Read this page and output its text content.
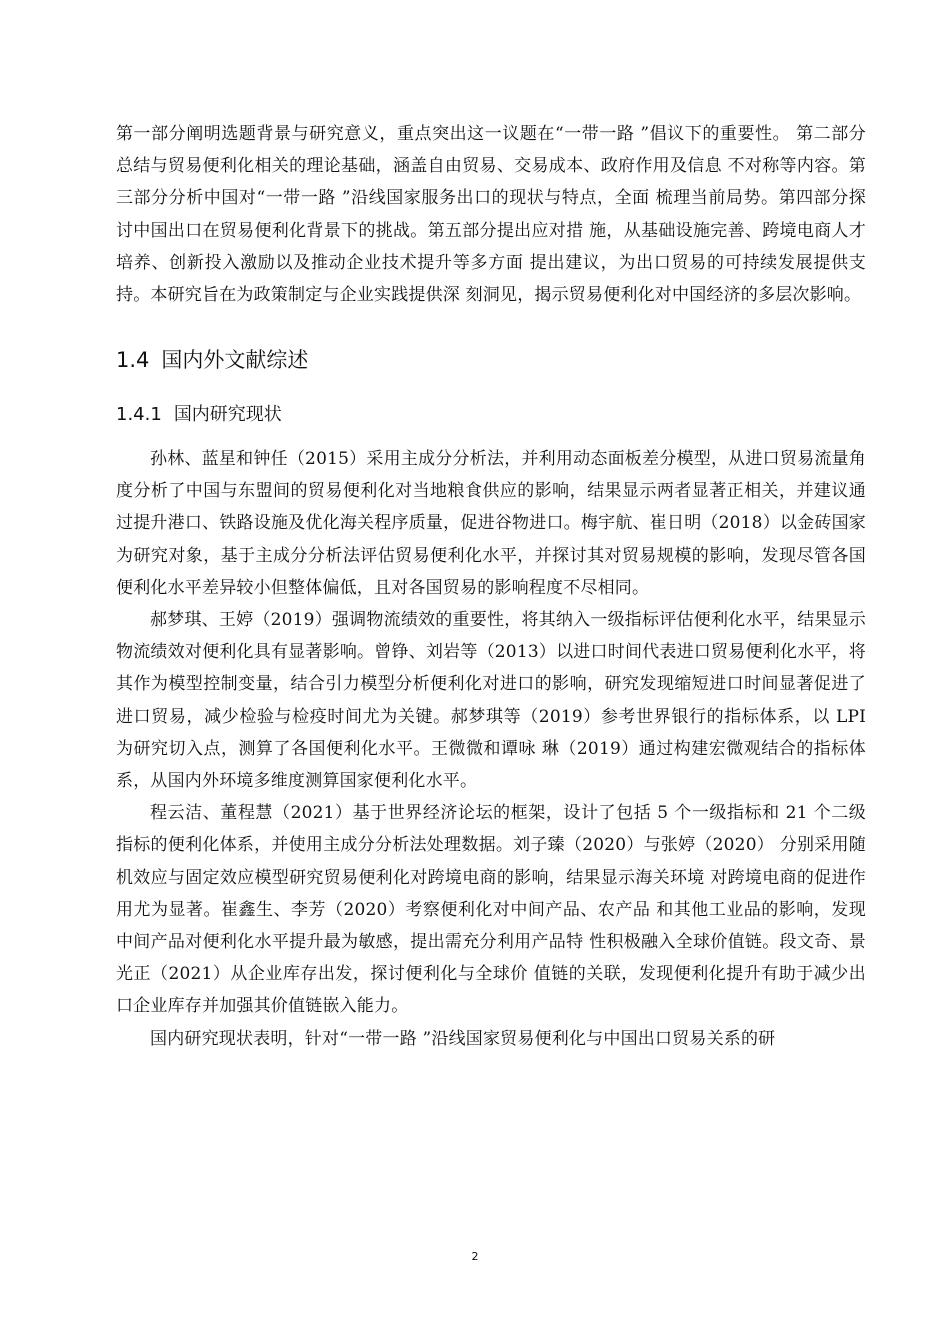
第一部分阐明选题背景与研究意义，重点突出这一议题在“一带一路 ”倡议下的重要性。 第二部分总结与贸易便利化相关的理论基础，涵盖自由贸易、交易成本、政府作用及信息 不对称等内容。第三部分分析中国对“一带一路 ”沿线国家服务出口的现状与特点，全面 梳理当前局势。第四部分探讨中国出口在贸易便利化背景下的挑战。第五部分提出应对措 施，从基础设施完善、跨境电商人才培养、创新投入激励以及推动企业技术提升等多方面 提出建议，为出口贸易的可持续发展提供支持。本研究旨在为政策制定与企业实践提供深 刻洞见，揭示贸易便利化对中国经济的多层次影响。

1.4 国内外文献综述
1.4.1 国内研究现状

孙林、蓝星和钟任（2015）采用主成分分析法，并利用动态面板差分模型，从进口贸易流量角度分析了中国与东盟间的贸易便利化对当地粮食供应的影响，结果显示两者显著正相关，并建议通过提升港口、铁路设施及优化海关程序质量，促进谷物进口。梅宇航、崔日明（2018）以金砖国家为研究对象，基于主成分分析法评估贸易便利化水平，并探讨其对贸易规模的影响，发现尽管各国便利化水平差异较小但整体偏低，且对各国贸易的影响程度不尽相同。

郝梦琪、王婷（2019）强调物流绩效的重要性，将其纳入一级指标评估便利化水平，结果显示物流绩效对便利化具有显著影响。曾铮、刘岩等（2013）以进口时间代表进口贸易便利化水平，将其作为模型控制变量，结合引力模型分析便利化对进口的影响，研究发现缩短进口时间显著促进了进口贸易，减少检验与检疫时间尤为关键。郝梦琪等（2019）参考世界银行的指标体系，以 LPI 为研究切入点，测算了各国便利化水平。王微微和谭咏 琳（2019）通过构建宏微观结合的指标体系，从国内外环境多维度测算国家便利化水平。

程云洁、董程慧（2021）基于世界经济论坛的框架，设计了包括 5 个一级指标和 21 个二级指标的便利化体系，并使用主成分分析法处理数据。刘子臻（2020）与张婷（2020） 分别采用随机效应与固定效应模型研究贸易便利化对跨境电商的影响，结果显示海关环境 对跨境电商的促进作用尤为显著。崔鑫生、李芳（2020）考察便利化对中间产品、农产品 和其他工业品的影响，发现中间产品对便利化水平提升最为敏感，提出需充分利用产品特 性积极融入全球价值链。段文奇、景光正（2021）从企业库存出发，探讨便利化与全球价 值链的关联，发现便利化提升有助于减少出口企业库存并加强其价值链嵌入能力。

国内研究现状表明，针对“一带一路 ”沿线国家贸易便利化与中国出口贸易关系的研

2
